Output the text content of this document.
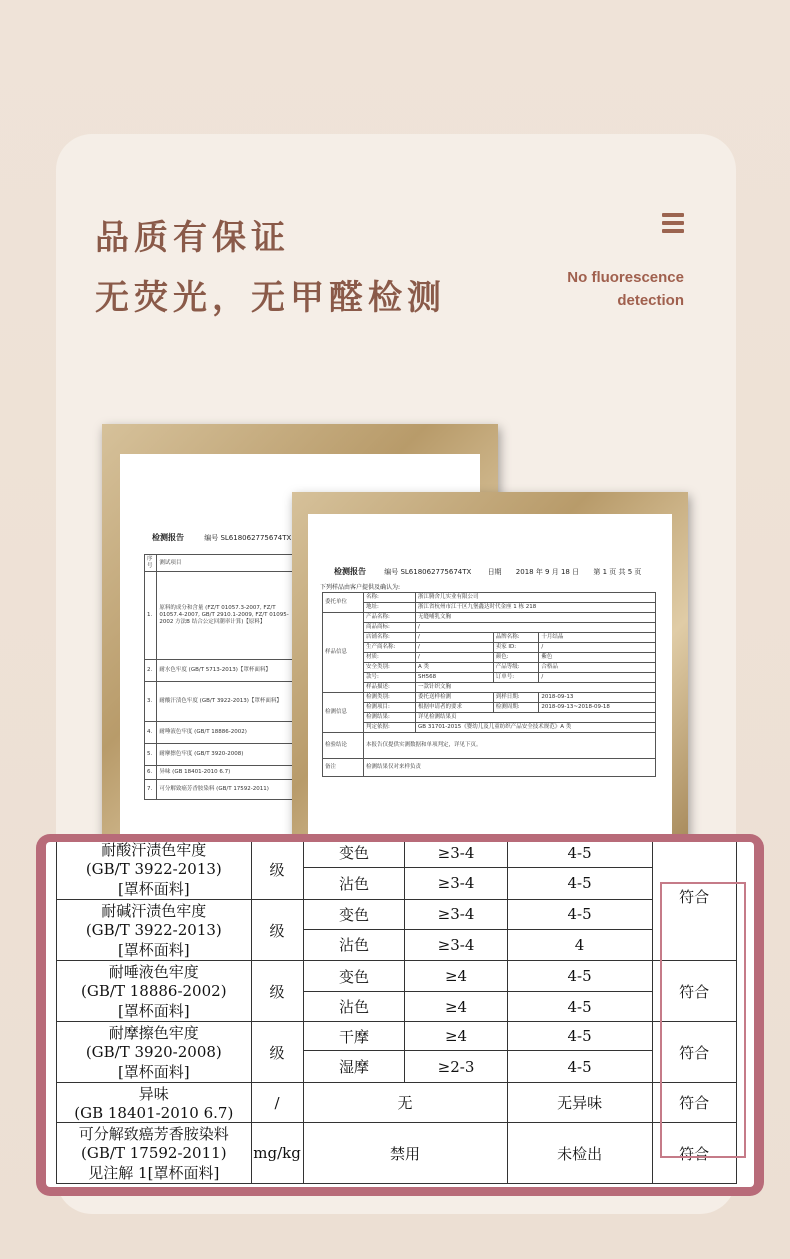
品质有保证
无荧光，无甲醛检测
No fluorescence
detection
检测报告	编号 SL618062775674TX
序号	测试项目	
1.	原料的成分和含量 (FZ/T 01057.3-2007, FZ/T 01057.4-2007, GB/T 2910.1-2009, FZ/T 01095-2002 方法B 结合公定回潮率计算)【原料】	
2.	耐水色牢度 (GB/T 5713-2013)【罩杯面料】	
3.	耐酸汗渍色牢度 (GB/T 3922-2013)【罩杯面料】	
4.	耐唾液色牢度 (GB/T 18886-2002)	
5.	耐摩擦色牢度 (GB/T 3920-2008)	
6.	异味 (GB 18401-2010 6.7)	
7.	可分解致癌芳香胺染料 (GB/T 17592-2011)	
检测报告	编号 SL618062775674TX 日期 2018 年 9 月 18 日 第 1 页 共 5 页
下列样品由客户提供及确认为:
委托单位	名称:	浙江腾舍儿实业有限公司		
	地址:	浙江省杭州市江干区九堡鑫达时代金座 1 栋 218		
样品信息	产品名称:	无缝哺乳文胸		
	商品商标:	/		
	店铺名称:	/	品牌名称:	十月结晶
	生产商名称:	/	卖家 ID:	/
	材质:	/	颜色:	紫色
	安全类别:	A 类	产品等级:	合格品
	款号:	SH568	订单号:	/
	样品描述:	一款针织文胸		
检测信息	检测类别:	委托送样检测	到样日期:	2018-09-13
	检测项目:	根据申请者的要求	检测周期:	2018-09-13~2018-09-18
	检测结果:	详见检测结果页		
	判定依据:	GB 31701-2015《婴幼儿及儿童纺织产品安全技术规范》A 类		
检验结论	本报告仅提供实测数据和单项判定，详见下页。			
备注	检测结果仅对来样负责			
耐酸汗渍色牢度
(GB/T 3922-2013)
[罩杯面料]	级	变色	≥3-4	4-5		
		沾色	≥3-4	4-5		

耐碱汗渍色牢度
(GB/T 3922-2013)
[罩杯面料]	级	变色	≥3-4	4-5	符合	

		沾色	≥3-4	4		

耐唾液色牢度
(GB/T 18886-2002)
[罩杯面料]	级	变色	≥4	4-5	符合	
		沾色	≥4	4-5		

耐摩擦色牢度
(GB/T 3920-2008)
[罩杯面料]	级	干摩	≥4	4-5	符合	
		湿摩	≥2-3	4-5		

异味
(GB 18401-2010 6.7)	/	无		无异味	符合	

可分解致癌芳香胺染料
(GB/T 17592-2011)
见注解 1[罩杯面料]	mg/kg	禁用		未检出	符合	
